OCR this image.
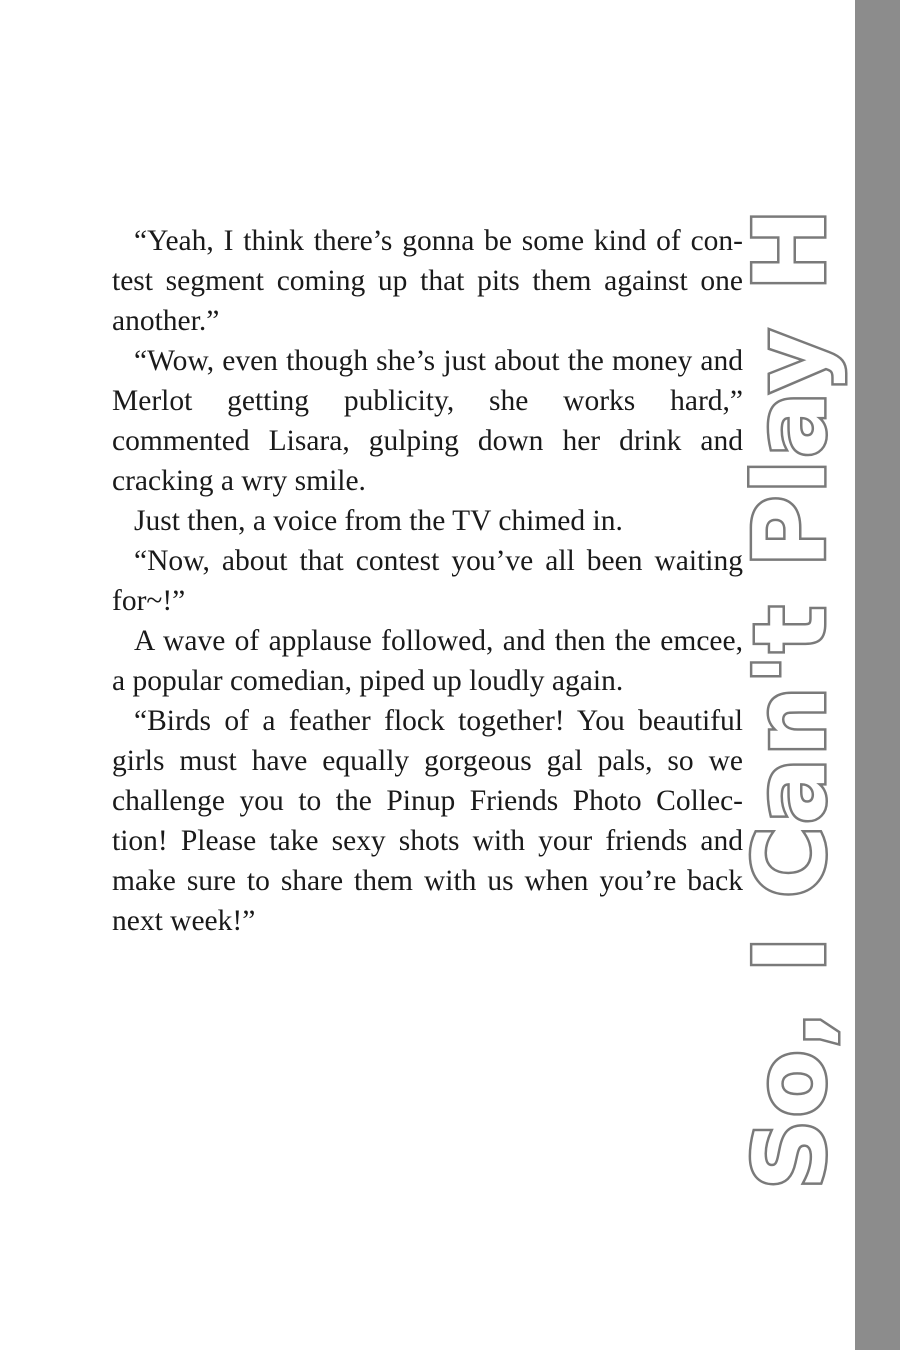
“Yeah, I think there’s gonna be some kind of con-test segment coming up that pits them against one another.”

“Wow, even though she’s just about the money and Merlot getting publicity, she works hard,” commented Lisara, gulping down her drink and cracking a wry smile.

Just then, a voice from the TV chimed in.

“Now, about that contest you’ve all been waiting for~!”

A wave of applause followed, and then the emcee, a popular comedian, piped up loudly again.

“Birds of a feather flock together! You beautiful girls must have equally gorgeous gal pals, so we challenge you to the Pinup Friends Photo Collec-tion! Please take sexy shots with your friends and make sure to share them with us when you’re back next week!”	So, I Can't Play H
